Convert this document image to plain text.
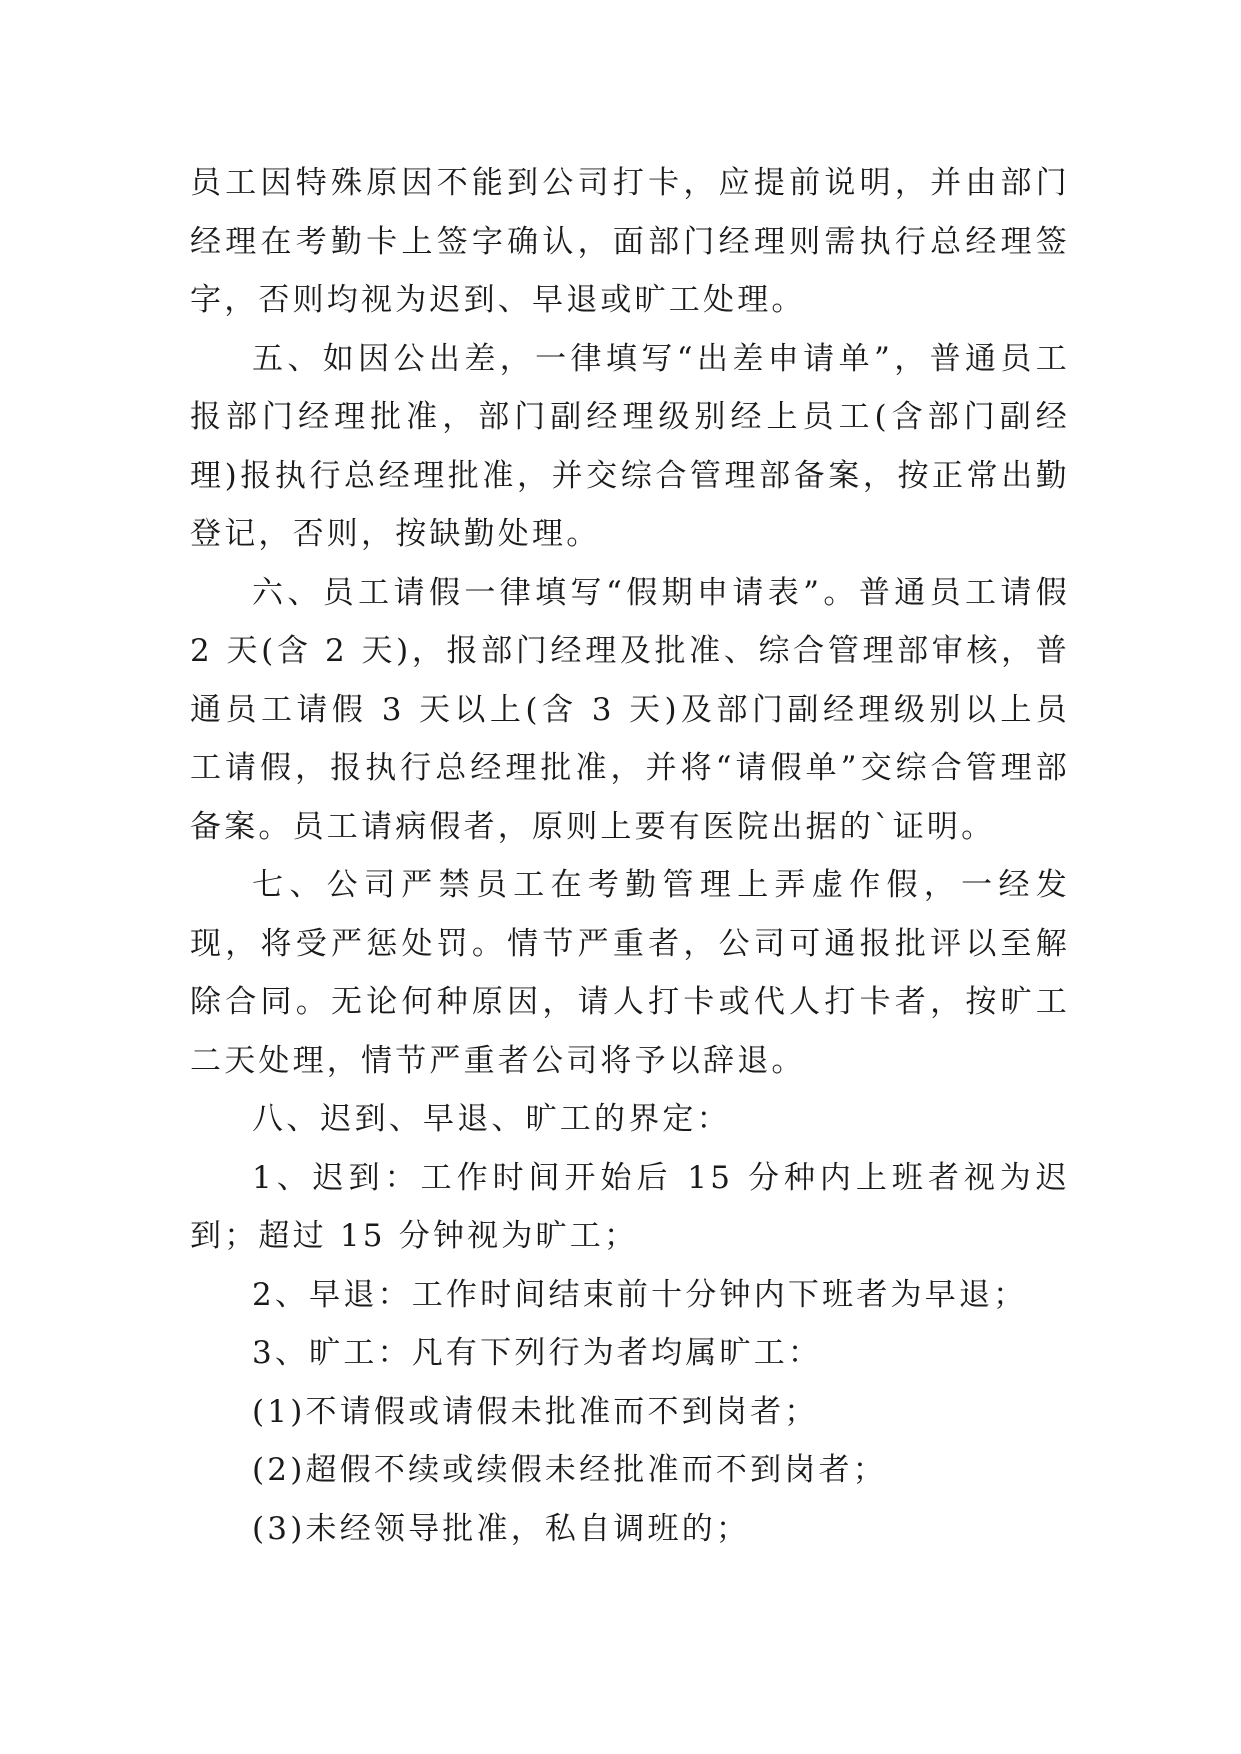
员工因特殊原因不能到公司打卡，应提前说明，并由部门经理在考勤卡上签字确认，面部门经理则需执行总经理签字，否则均视为迟到、早退或旷工处理。

五、如因公出差，一律填写“出差申请单”，普通员工报部门经理批准，部门副经理级别经上员工(含部门副经理)报执行总经理批准，并交综合管理部备案，按正常出勤登记，否则，按缺勤处理。

六、员工请假一律填写“假期申请表”。普通员工请假 2 天(含 2 天)，报部门经理及批准、综合管理部审核，普通员工请假 3 天以上(含 3 天)及部门副经理级别以上员工请假，报执行总经理批准，并将“请假单”交综合管理部备案。员工请病假者，原则上要有医院出据的`证明。

七、公司严禁员工在考勤管理上弄虚作假，一经发现，将受严惩处罚。情节严重者，公司可通报批评以至解除合同。无论何种原因，请人打卡或代人打卡者，按旷工二天处理，情节严重者公司将予以辞退。

八、迟到、早退、旷工的界定：

1、迟到：工作时间开始后 15 分种内上班者视为迟到；超过 15 分钟视为旷工；

2、早退：工作时间结束前十分钟内下班者为早退；

3、旷工：凡有下列行为者均属旷工：

(1)不请假或请假未批准而不到岗者；

(2)超假不续或续假未经批准而不到岗者；

(3)未经领导批准，私自调班的；
